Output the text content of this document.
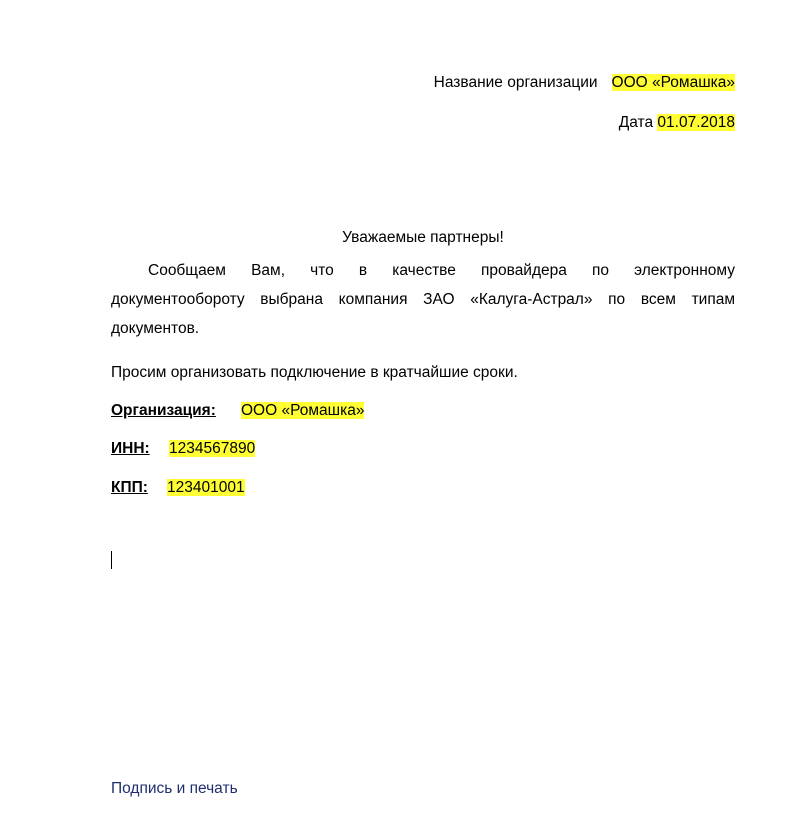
Название организации ООО «Ромашка»
Дата 01.07.2018
Уважаемые партнеры!

Сообщаем Вам, что в качестве провайдера по электронному документообороту выбрана компания ЗАО «Калуга-Астрал» по всем типам документов.

Просим организовать подключение в кратчайшие сроки.
Организация: ООО «Ромашка»
ИНН: 1234567890
КПП: 123401001
Подпись и печать
